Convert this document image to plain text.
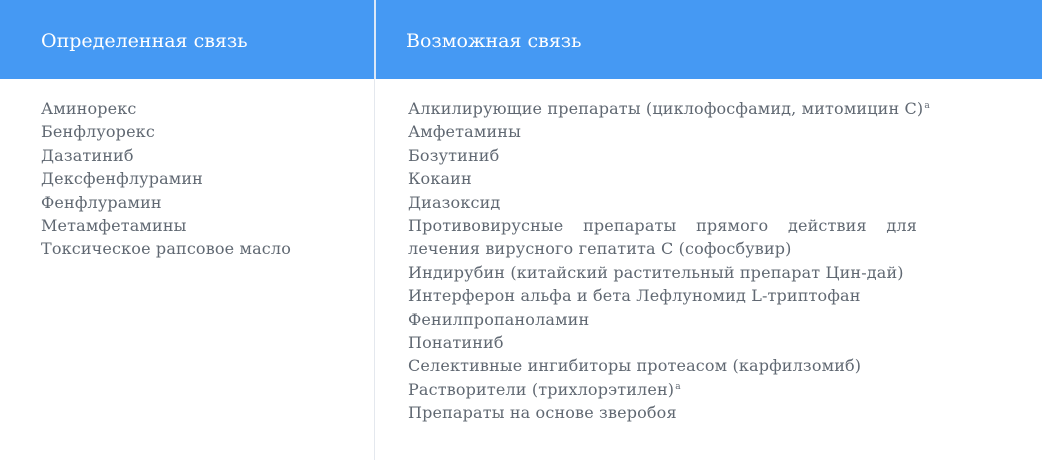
Определенная связь	Возможная связь
Аминорекс
Бенфлуорекс
Дазатиниб
Дексфенфлурамин
Фенфлурамин
Метамфетамины
Токсическое рапсовое масло
Алкилирующие препараты (циклофосфамид, митомицин С)$^a$
Амфетамины
Бозутиниб
Кокаин
Диазоксид
Противовирусные препараты прямого действия для
лечения вирусного гепатита С (софосбувир)
Индирубин (китайский растительный препарат Цин-дай)
Интерферон альфа и бета Лефлуномид L-триптофан
Фенилпропаноламин
Понатиниб
Селективные ингибиторы протеасом (карфилзомиб)
Растворители (трихлорэтилен)$^a$
Препараты на основе зверобоя
